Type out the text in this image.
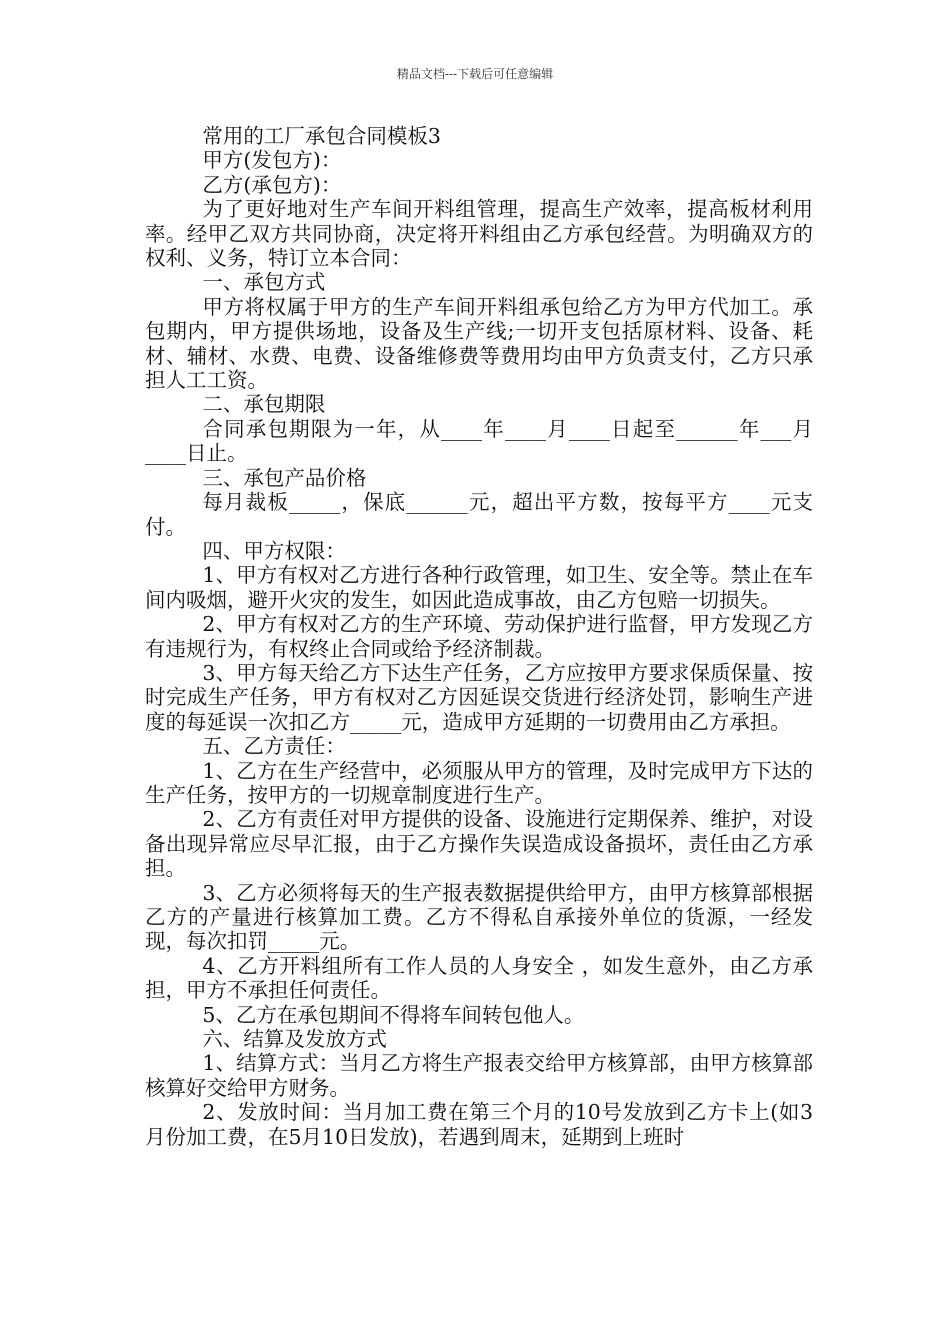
精品文档---下载后可任意编辑

常用的工厂承包合同模板3

甲方(发包方)：

乙方(承包方)：

为了更好地对生产车间开料组管理，提高生产效率，提高板材利用率。经甲乙双方共同协商，决定将开料组由乙方承包经营。为明确双方的权利、义务，特订立本合同：

一、承包方式

甲方将权属于甲方的生产车间开料组承包给乙方为甲方代加工。承包期内，甲方提供场地，设备及生产线;一切开支包括原材料、设备、耗材、辅材、水费、电费、设备维修费等费用均由甲方负责支付，乙方只承担人工工资。

二、承包期限

合同承包期限为一年，从____年____月____日起至______年___月____日止。

三、承包产品价格

每月裁板_____，保底______元，超出平方数，按每平方____元支付。

四、甲方权限：

1、甲方有权对乙方进行各种行政管理，如卫生、安全等。禁止在车间内吸烟，避开火灾的发生，如因此造成事故，由乙方包赔一切损失。

2、甲方有权对乙方的生产环境、劳动保护进行监督，甲方发现乙方有违规行为，有权终止合同或给予经济制裁。

3、甲方每天给乙方下达生产任务，乙方应按甲方要求保质保量、按时完成生产任务，甲方有权对乙方因延误交货进行经济处罚，影响生产进度的每延误一次扣乙方_____元，造成甲方延期的一切费用由乙方承担。

五、乙方责任：

1、乙方在生产经营中，必须服从甲方的管理，及时完成甲方下达的生产任务，按甲方的一切规章制度进行生产。

2、乙方有责任对甲方提供的设备、设施进行定期保养、维护，对设备出现异常应尽早汇报，由于乙方操作失误造成设备损坏，责任由乙方承担。

3、乙方必须将每天的生产报表数据提供给甲方，由甲方核算部根据乙方的产量进行核算加工费。乙方不得私自承接外单位的货源，一经发现，每次扣罚_____元。

4、乙方开料组所有工作人员的人身安全 ，如发生意外，由乙方承担，甲方不承担任何责任。

5、乙方在承包期间不得将车间转包他人。

六、结算及发放方式

1、结算方式：当月乙方将生产报表交给甲方核算部，由甲方核算部核算好交给甲方财务。

2、发放时间：当月加工费在第三个月的10号发放到乙方卡上(如3月份加工费，在5月10日发放)，若遇到周末，延期到上班时
